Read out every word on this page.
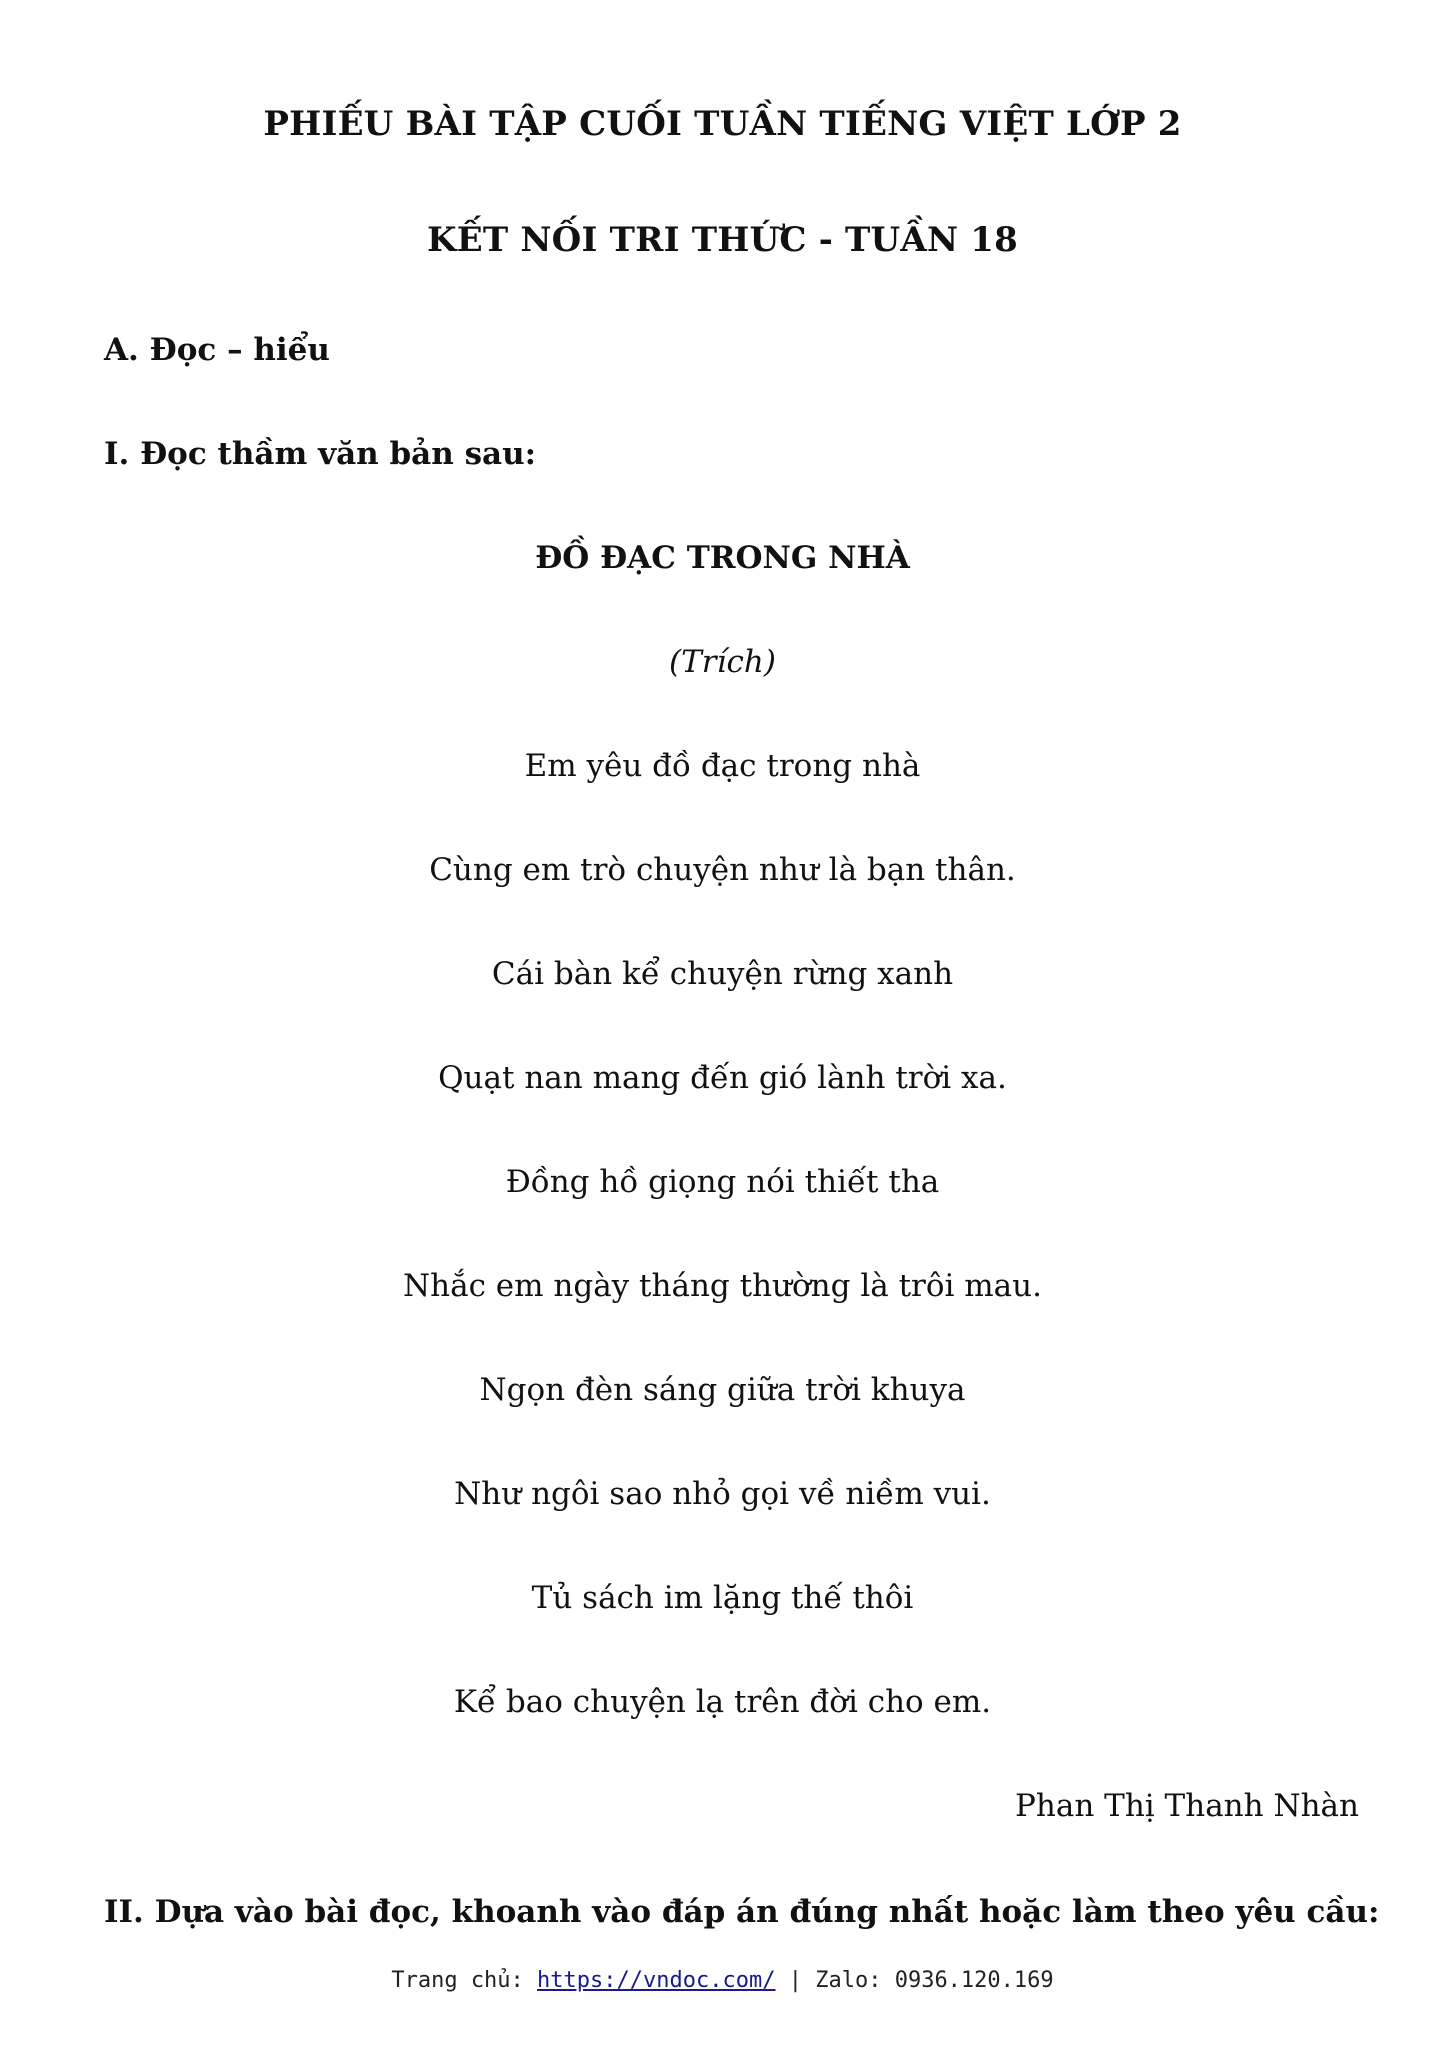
PHIẾU BÀI TẬP CUỐI TUẦN TIẾNG VIỆT LỚP 2
KẾT NỐI TRI THỨC - TUẦN 18
A. Đọc – hiểu
I. Đọc thầm văn bản sau:
ĐỒ ĐẠC TRONG NHÀ
(Trích)
Em yêu đồ đạc trong nhà
Cùng em trò chuyện như là bạn thân.
Cái bàn kể chuyện rừng xanh
Quạt nan mang đến gió lành trời xa.
Đồng hồ giọng nói thiết tha
Nhắc em ngày tháng thường là trôi mau.
Ngọn đèn sáng giữa trời khuya
Như ngôi sao nhỏ gọi về niềm vui.
Tủ sách im lặng thế thôi
Kể bao chuyện lạ trên đời cho em.
Phan Thị Thanh Nhàn
II. Dựa vào bài đọc, khoanh vào đáp án đúng nhất hoặc làm theo yêu cầu:
Trang chủ: https://vndoc.com/ | Zalo: 0936.120.169
